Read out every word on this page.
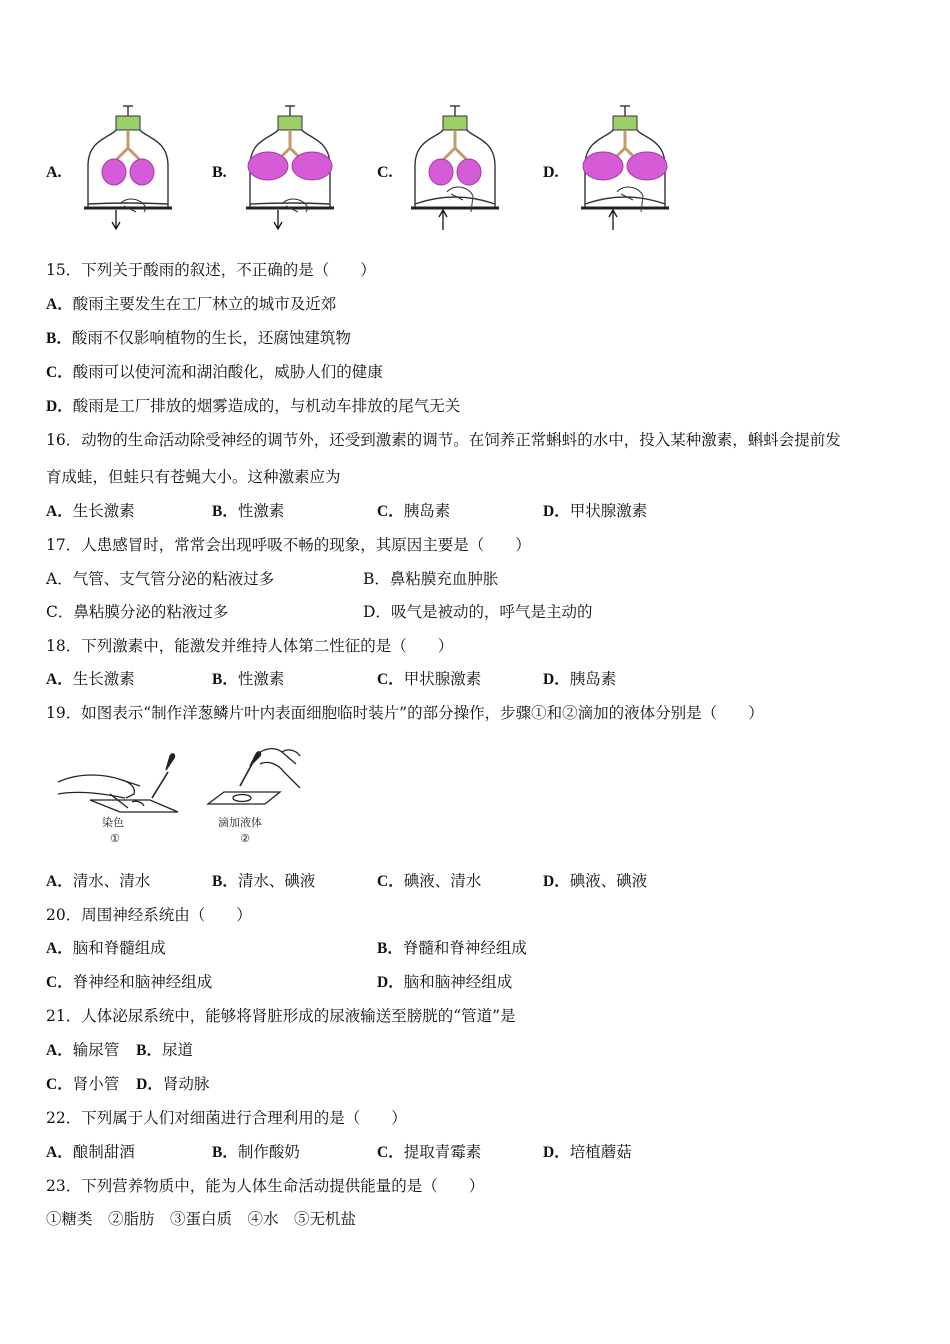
A.	B.	C.	D.
15．下列关于酸雨的叙述，不正确的是（　　）
A．酸雨主要发生在工厂林立的城市及近郊
B．酸雨不仅影响植物的生长，还腐蚀建筑物
C．酸雨可以使河流和湖泊酸化，威胁人们的健康
D．酸雨是工厂排放的烟雾造成的，与机动车排放的尾气无关
16．动物的生命活动除受神经的调节外，还受到激素的调节。在饲养正常蝌蚪的水中，投入某种激素，蝌蚪会提前发
育成蛙，但蛙只有苍蝇大小。这种激素应为
A．生长激素	B．性激素	C．胰岛素	D．甲状腺激素
17．人患感冒时，常常会出现呼吸不畅的现象，其原因主要是（　　）
A．气管、支气管分泌的粘液过多	B．鼻粘膜充血肿胀
C．鼻粘膜分泌的粘液过多	D．吸气是被动的，呼气是主动的
18．下列激素中，能激发并维持人体第二性征的是（　　）
A．生长激素	B．性激素	C．甲状腺激素	D．胰岛素
19．如图表示“制作洋葱鳞片叶内表面细胞临时装片”的部分操作，步骤①和②滴加的液体分别是（　　）
染色
①
滴加液体
②
A．清水、清水	B．清水、碘液	C．碘液、清水	D．碘液、碘液
20．周围神经系统由（　　）
A．脑和脊髓组成	B．脊髓和脊神经组成
C．脊神经和脑神经组成	D．脑和脑神经组成
21．人体泌尿系统中，能够将肾脏形成的尿液输送至膀胱的“管道”是
A．输尿管 B．尿道
C．肾小管 D．肾动脉
22．下列属于人们对细菌进行合理利用的是（　　）
A．酿制甜酒	B．制作酸奶	C．提取青霉素	D．培植蘑菇
23．下列营养物质中，能为人体生命活动提供能量的是（　　）
①糖类　②脂肪　③蛋白质　④水　⑤无机盐
